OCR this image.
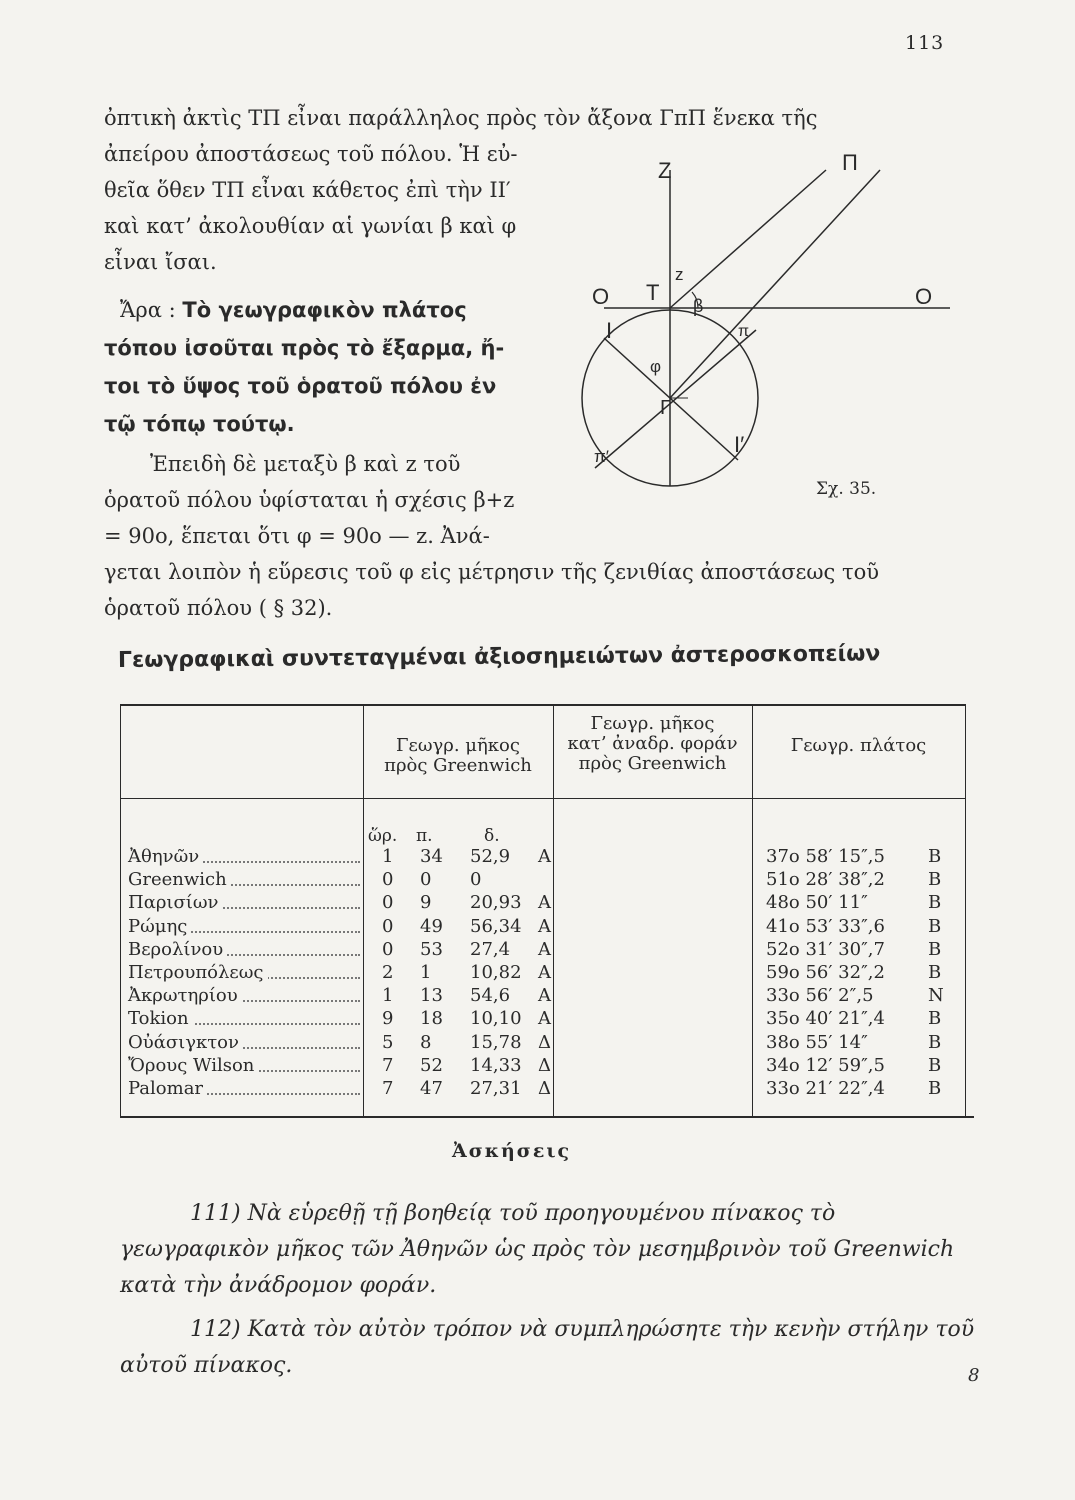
113
ὀπτικὴ ἀκτὶς ΤΠ εἶναι παράλληλος πρὸς τὸν ἄξονα ΓπΠ ἕνεκα τῆς
ἀπείρου ἀποστάσεως τοῦ πόλου. Ἡ εὐ-
θεῖα ὅθεν ΤΠ εἶναι κάθετος ἐπὶ τὴν ΙΙ′
καὶ κατ’ ἀκολουθίαν αἱ γωνίαι β καὶ φ
εἶναι ἴσαι.
Ἄρα : Τὸ γεωγραφικὸν πλάτος
τόπου ἰσοῦται πρὸς τὸ ἔξαρμα, ἤ-
τοι τὸ ὕψος τοῦ ὁρατοῦ πόλου ἐν
τῷ τόπῳ τούτῳ.
Ἐπειδὴ δὲ μεταξὺ β καὶ z τοῦ
ὁρατοῦ πόλου ὑφίσταται ἡ σχέσις β+z
= 90ο, ἕπεται ὅτι φ = 90ο — z. Ἀνά-
γεται λοιπὸν ἡ εὕρεσις τοῦ φ εἰς μέτρησιν τῆς ζενιθίας ἀποστάσεως τοῦ
ὁρατοῦ πόλου ( § 32).
Z	Π
O T	O
z
β
I	π
φ
Γ
π′	I′
Σχ. 35.
Γεωγραφικαὶ συντεταγμέναι ἀξιοσημειώτων ἀστεροσκοπείων
Γεωγρ. μῆκος
πρὸς Greenwich
Γεωγρ. μῆκος
κατ’ ἀναδρ. φοράν
πρὸς Greenwich
Γεωγρ. πλάτος
ὥρ. π.	δ.
Ἀθηνῶν	1 34 52,9 A	37ο 58′ 15″,5 B
Greenwich	0 0 0	51ο 28′ 38″,2 B
Παρισίων	0 9 20,93 A	48ο 50′ 11″	B
Ρώμης	0 49 56,34 A	41ο 53′ 33″,6 B
Βερολίνου	0 53 27,4 A	52ο 31′ 30″,7 B
Πετρουπόλεως	2 1 10,82 A	59ο 56′ 32″,2 B
Ἀκρωτηρίου	1 13 54,6 A	33ο 56′ 2″,5	N
Tokion	9 18 10,10 A	35ο 40′ 21″,4 B
Οὐάσιγκτον	5 8 15,78 Δ	38ο 55′ 14″	B
Ὄρους Wilson	7 52 14,33 Δ	34ο 12′ 59″,5 B
Palomar	7 47 27,31 Δ	33ο 21′ 22″,4 B
Ἀσκήσεις
111) Νὰ εὑρεθῇ τῇ βοηθείᾳ τοῦ προηγουμένου πίνακος τὸ γεωγραφικὸν μῆκος τῶν Ἀθηνῶν ὡς πρὸς τὸν μεσημβρινὸν τοῦ Greenwich κατὰ τὴν ἀνάδρομον φοράν.
112) Κατὰ τὸν αὐτὸν τρόπον νὰ συμπληρώσητε τὴν κενὴν στήλην τοῦ αὐτοῦ πίνακος.	8
